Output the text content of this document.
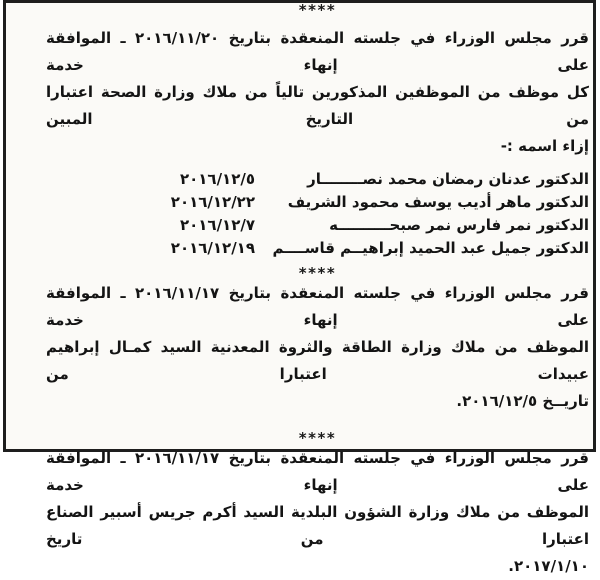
****
قرر مجلس الوزراء في جلسته المنعقدة بتاريخ ٢٠١٦/١١/٢٠ ـ الموافقة على إنهاء خدمة
كل موظف من الموظفين المذكورين تالياً من ملاك وزارة الصحة اعتبارا من التاريخ المبين
إزاء اسمه :-
الدكتور عدنان رمضان محمد نصــــــــار
٢٠١٦/١٢/٥
الدكتور ماهر أديب يوسف محمود الشريف
٢٠١٦/١٢/٢٢
الدكتور نمر فارس نمر صبحــــــــــه
٢٠١٦/١٢/٧
الدكتور جميل عبد الحميد إبراهيــم قاســــم
٢٠١٦/١٢/١٩
****
قرر مجلس الوزراء في جلسته المنعقدة بتاريخ ٢٠١٦/١١/١٧ ـ الموافقة على إنهاء خدمة
الموظف من ملاك وزارة الطاقة والثروة المعدنية السيد كمـال إبراهيم عبيدات اعتبارا من
تاريــخ ٢٠١٦/١٢/٥.
****
قرر مجلس الوزراء في جلسته المنعقدة بتاريخ ٢٠١٦/١١/١٧ ـ الموافقة على إنهاء خدمة
الموظف من ملاك وزارة الشؤون البلدية السيد أكرم جريس أسبير الصناع اعتبارا من تاريخ
٢٠١٧/١/١٠.
